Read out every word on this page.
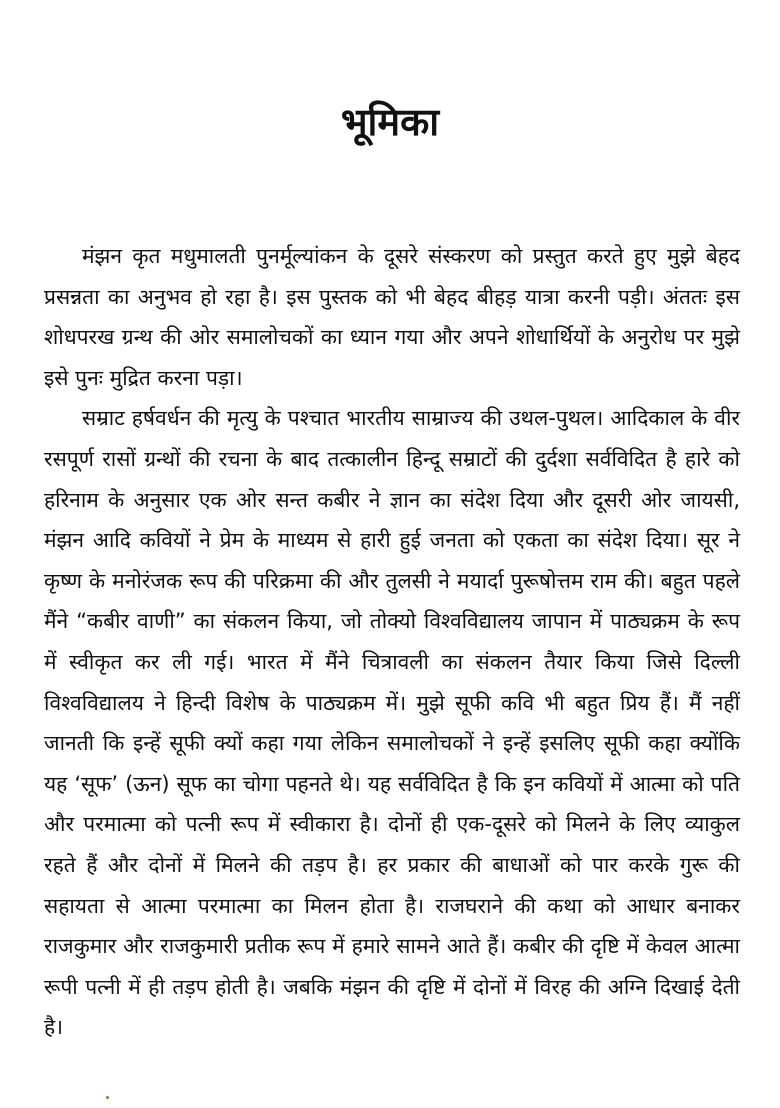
भूमिका

मंझन कृत मधुमालती पुनर्मूल्यांकन के दूसरे संस्करण को प्रस्तुत करते हुए मुझे बेहद प्रसन्नता का अनुभव हो रहा है। इस पुस्तक को भी बेहद बीहड़ यात्रा करनी पड़ी। अंततः इस शोधपरख ग्रन्थ की ओर समालोचकों का ध्यान गया और अपने शोधार्थियों के अनुरोध पर मुझे इसे पुनः मुद्रित करना पड़ा।

सम्राट हर्षवर्धन की मृत्यु के पश्चात भारतीय साम्राज्य की उथल-पुथल। आदिकाल के वीर रसपूर्ण रासों ग्रन्थों की रचना के बाद तत्कालीन हिन्दू सम्राटों की दुर्दशा सर्वविदित है हारे को हरिनाम के अनुसार एक ओर सन्त कबीर ने ज्ञान का संदेश दिया और दूसरी ओर जायसी, मंझन आदि कवियों ने प्रेम के माध्यम से हारी हुई जनता को एकता का संदेश दिया। सूर ने कृष्ण के मनोरंजक रूप की परिक्रमा की और तुलसी ने मयार्दा पुरूषोत्तम राम की। बहुत पहले मैंने “कबीर वाणी” का संकलन किया, जो तोक्यो विश्वविद्यालय जापान में पाठ्यक्रम के रूप में स्वीकृत कर ली गई। भारत में मैंने चित्रावली का संकलन तैयार किया जिसे दिल्ली विश्वविद्यालय ने हिन्दी विशेष के पाठ्यक्रम में। मुझे सूफी कवि भी बहुत प्रिय हैं। मैं नहीं जानती कि इन्हें सूफी क्यों कहा गया लेकिन समालोचकों ने इन्हें इसलिए सूफी कहा क्योंकि यह ‘सूफ’ (ऊन) सूफ का चोगा पहनते थे। यह सर्वविदित है कि इन कवियों में आत्मा को पति और परमात्मा को पत्नी रूप में स्वीकारा है। दोनों ही एक-दूसरे को मिलने के लिए व्याकुल रहते हैं और दोनों में मिलने की तड़प है। हर प्रकार की बाधाओं को पार करके गुरू की सहायता से आत्मा परमात्मा का मिलन होता है। राजघराने की कथा को आधार बनाकर राजकुमार और राजकुमारी प्रतीक रूप में हमारे सामने आते हैं। कबीर की दृष्टि में केवल आत्मा रूपी पत्नी में ही तड़प होती है। जबकि मंझन की दृष्टि में दोनों में विरह की अग्नि दिखाई देती है।
